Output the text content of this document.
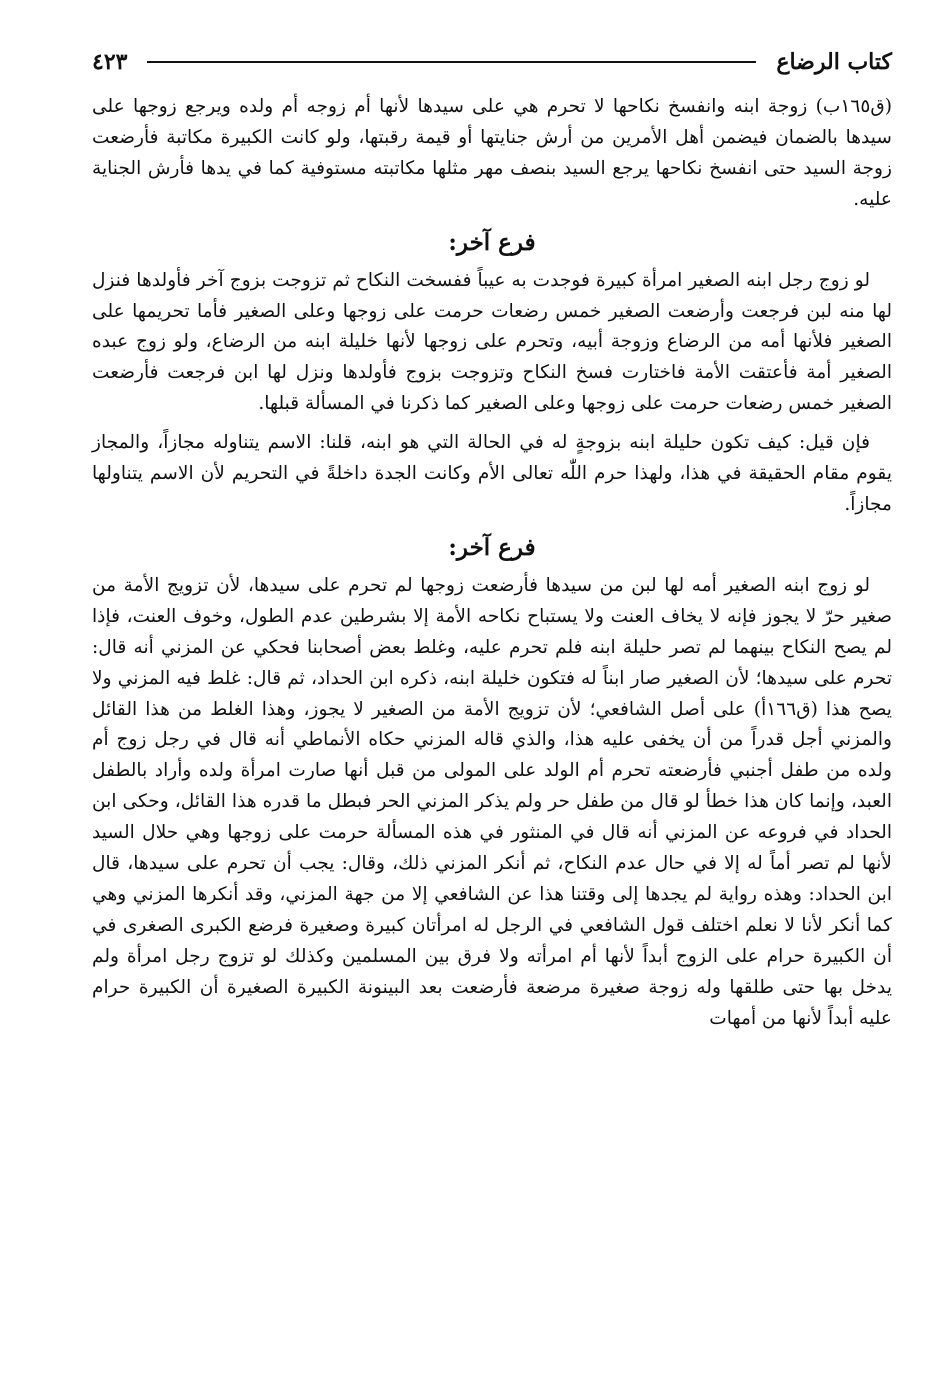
كتاب الرضاع
٤٢٣

(ق١٦٥ب) زوجة ابنه وانفسخ نكاحها لا تحرم هي على سيدها لأنها أم زوجه أم ولده ويرجع زوجها على سيدها بالضمان فيضمن أهل الأمرين من أرش جنايتها أو قيمة رقبتها، ولو كانت الكبيرة مكاتبة فأرضعت زوجة السيد حتى انفسخ نكاحها يرجع السيد بنصف مهر مثلها مكاتبته مستوفية كما في يدها فأرش الجناية عليه.

فرع آخر:

لو زوج رجل ابنه الصغير امرأة كبيرة فوجدت به عيباً ففسخت النكاح ثم تزوجت بزوج آخر فأولدها فنزل لها منه لبن فرجعت وأرضعت الصغير خمس رضعات حرمت على زوجها وعلى الصغير فأما تحريمها على الصغير فلأنها أمه من الرضاع وزوجة أبيه، وتحرم على زوجها لأنها خليلة ابنه من الرضاع، ولو زوج عبده الصغير أمة فأعتقت الأمة فاختارت فسخ النكاح وتزوجت بزوج فأولدها ونزل لها ابن فرجعت فأرضعت الصغير خمس رضعات حرمت على زوجها وعلى الصغير كما ذكرنا في المسألة قبلها.

فإن قيل: كيف تكون حليلة ابنه بزوجةٍ له في الحالة التي هو ابنه، قلنا: الاسم يتناوله مجازاً، والمجاز يقوم مقام الحقيقة في هذا، ولهذا حرم اللّٰه تعالى الأم وكانت الجدة داخلةً في التحريم لأن الاسم يتناولها مجازاً.

فرع آخر:

لو زوج ابنه الصغير أمه لها لبن من سيدها فأرضعت زوجها لم تحرم على سيدها، لأن تزويج الأمة من صغير حرّ لا يجوز فإنه لا يخاف العنت ولا يستباح نكاحه الأمة إلا بشرطين عدم الطول، وخوف العنت، فإذا لم يصح النكاح بينهما لم تصر حليلة ابنه فلم تحرم عليه، وغلط بعض أصحابنا فحكي عن المزني أنه قال: تحرم على سيدها؛ لأن الصغير صار ابناً له فتكون خليلة ابنه، ذكره ابن الحداد، ثم قال: غلط فيه المزني ولا يصح هذا (ق١٦٦أ) على أصل الشافعي؛ لأن تزويج الأمة من الصغير لا يجوز، وهذا الغلط من هذا القائل والمزني أجل قدراً من أن يخفى عليه هذا، والذي قاله المزني حكاه الأنماطي أنه قال في رجل زوج أم ولده من طفل أجنبي فأرضعته تحرم أم الولد على المولى من قبل أنها صارت امرأة ولده وأراد بالطفل العبد، وإنما كان هذا خطأ لو قال من طفل حر ولم يذكر المزني الحر فبطل ما قدره هذا القائل، وحكى ابن الحداد في فروعه عن المزني أنه قال في المنثور في هذه المسألة حرمت على زوجها وهي حلال السيد لأنها لم تصر أماً له إلا في حال عدم النكاح، ثم أنكر المزني ذلك، وقال: يجب أن تحرم على سيدها، قال ابن الحداد: وهذه رواية لم يجدها إلى وقتنا هذا عن الشافعي إلا من جهة المزني، وقد أنكرها المزني وهي كما أنكر لأنا لا نعلم اختلف قول الشافعي في الرجل له امرأتان كبيرة وصغيرة فرضع الكبرى الصغرى في أن الكبيرة حرام على الزوج أبداً لأنها أم امرأته ولا فرق بين المسلمين وكذلك لو تزوج رجل امرأة ولم يدخل بها حتى طلقها وله زوجة صغيرة مرضعة فأرضعت بعد البينونة الكبيرة الصغيرة أن الكبيرة حرام عليه أبداً لأنها من أمهات
